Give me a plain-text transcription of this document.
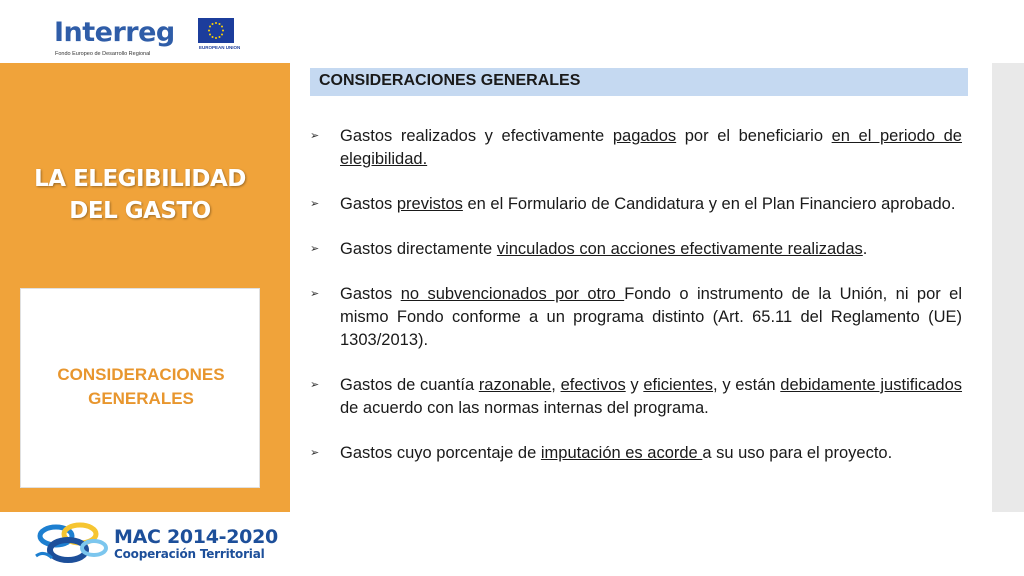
Interreg
Fondo Europeo de Desarrollo Regional
EUROPEAN UNION
LA ELEGIBILIDAD
DEL GASTO
CONSIDERACIONES
GENERALES
CONSIDERACIONES GENERALES
➢ Gastos realizados y efectivamente pagados por el beneficiario en el periodo de elegibilidad.
➢ Gastos previstos en el Formulario de Candidatura y en el Plan Financiero aprobado.
➢ Gastos directamente vinculados con acciones efectivamente realizadas.
➢ Gastos no subvencionados por otro Fondo o instrumento de la Unión, ni por el mismo Fondo conforme a un programa distinto (Art. 65.11 del Reglamento (UE) 1303/2013).
➢ Gastos de cuantía razonable, efectivos y eficientes, y están debidamente justificados de acuerdo con las normas internas del programa.
➢ Gastos cuyo porcentaje de imputación es acorde a su uso para el proyecto.
MAC 2014-2020
Cooperación Territorial
